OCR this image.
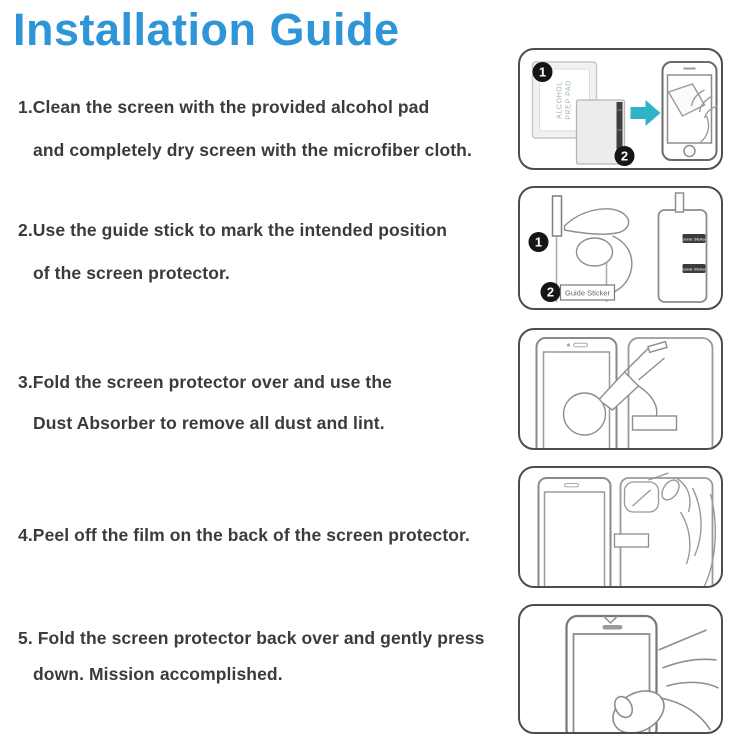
Installation Guide
1.Clean the screen with the provided alcohol pad
and completely dry screen with the microfiber cloth.
2.Use the guide stick to mark the intended position
of the screen protector.
3.Fold the screen protector over and use the
Dust Absorber to remove all dust and lint.
4.Peel off the film on the back of the screen protector.
5. Fold the screen protector back over and gently press
down. Mission accomplished.
ALCOHOL PREP PAD
1
2
1
2 Guide Sticker
Guide Sticker
Guide Sticker
